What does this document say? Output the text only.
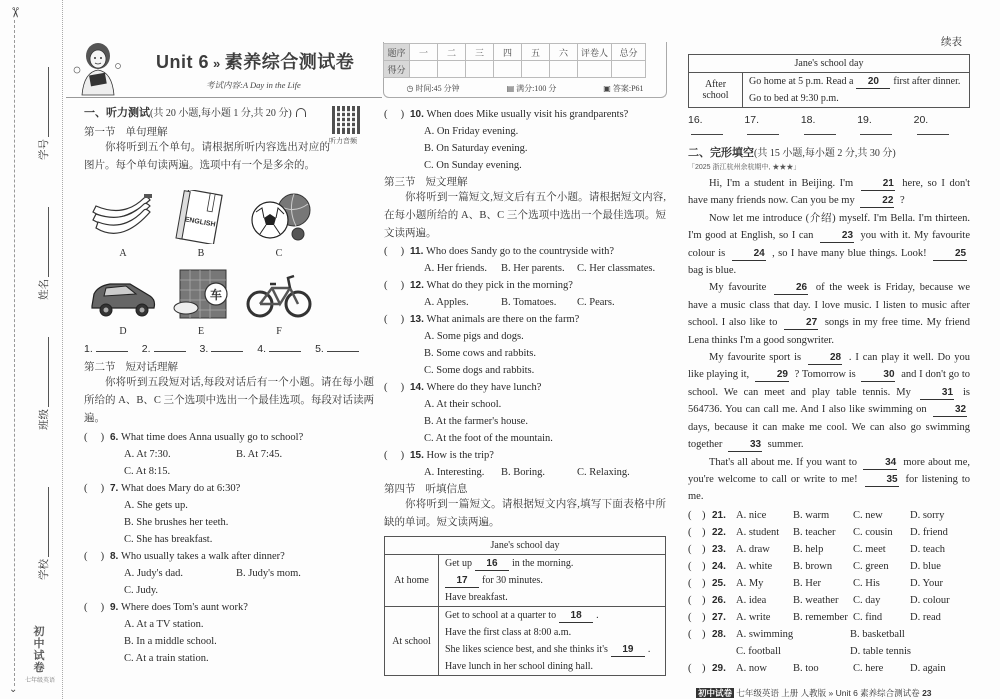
✂
⌄
学号
姓名
班级
学校
初中试卷
七年级英语
Unit 6 » 素养综合测试卷
考试内容:A Day in the Life
题序	一	二	三	四	五	六	评卷人	总分
得分								
◷ 时间:45 分钟	▤ 满分:100 分	▣ 答案:P61
一、听力测试(共 20 小题,每小题 1 分,共 20 分)
听力音频
第一节 单句理解
你将听到五个单句。请根据所听内容选出对应的图片。每个单句读两遍。选项中有一个是多余的。
A
ENGLISH
B	C
D
车
E	F
1.	2.	3.	4.	5.
第二节 短对话理解
你将听到五段短对话,每段对话后有一个小题。请在每小题所给的 A、B、C 三个选项中选出一个最佳选项。每段对话读两遍。
(     ) 6.
What time does Anna usually go to school?
A. At 7:30.	B. At 7:45.
C. At 8:15.
(     ) 7.
What does Mary do at 6:30?
A. She gets up.
B. She brushes her teeth.
C. She has breakfast.
(     ) 8.
Who usually takes a walk after dinner?
A. Judy's dad.	B. Judy's mom.
C. Judy.
(     ) 9.
Where does Tom's aunt work?
A. At a TV station.
B. In a middle school.
C. At a train station.
(     ) 10.
When does Mike usually visit his grandparents?
A. On Friday evening.
B. On Saturday evening.
C. On Sunday evening.
第三节 短文理解
你将听到一篇短文,短文后有五个小题。请根据短文内容,在每小题所给的 A、B、C 三个选项中选出一个最佳选项。短文读两遍。
(     ) 11.
Who does Sandy go to the countryside with?
A. Her friends.	B. Her parents.	C. Her classmates.
(     ) 12.
What do they pick in the morning?
A. Apples.	B. Tomatoes.	C. Pears.
(     ) 13.
What animals are there on the farm?
A. Some pigs and dogs.
B. Some cows and rabbits.
C. Some dogs and rabbits.
(     ) 14.
Where do they have lunch?
A. At their school.
B. At the farmer's house.
C. At the foot of the mountain.
(     ) 15.
How is the trip?
A. Interesting.	B. Boring.	C. Relaxing.
第四节 听填信息
你将听到一篇短文。请根据短文内容,填写下面表格中所缺的单词。短文读两遍。
Jane's school day	
At home	Get up 16 in the morning.
17 for 30 minutes.
Have breakfast.

At school	Get to school at a quarter to 18 .
Have the first class at 8:00 a.m.
She likes science best, and she thinks it's 19 .
Have lunch in her school dining hall.
续表
Jane's school day
After school	
Go home at 5 p.m. Read a 20 first after dinner.
Go to bed at 9:30 p.m.
16.	17.	18.	19.	20.
二、完形填空(共 15 小题,每小题 2 分,共 30 分)
「2025 浙江杭州余杭期中, ★★★」

Hi, I'm a student in Beijing. I'm	21 here, so I don't have many friends now. Can you be my	22 ?

Now let me introduce (介绍) myself. I'm Bella. I'm thirteen. I'm good at English, so I can	23 you with it. My favourite colour is	24 , so I have many blue things. Look!	25 bag is blue.

My favourite	26 of the week is Friday, because we have a music class that day. I love music. I listen to music after school. I also like to	27 songs in my free time. My friend Lena thinks I'm a good songwriter.

My favourite sport is	28 . I can play it well. Do you like playing it,	29 ? Tomorrow is	30 and I don't go to school. We can meet and play table tennis. My	31 is 564736. You can call me. And I also like swimming on	32 days, because it can make me cool. We can also go swimming together	33 summer.

That's all about me. If you want to	34 more about me, you're welcome to call or write to me!	35 for listening to me.

(    ) 21. A. nice	B. warm	C. new	D. sorry
(    ) 22. A. student	B. teacher	C. cousin	D. friend
(    ) 23. A. draw	B. help	C. meet	D. teach
(    ) 24. A. white	B. brown	C. green	D. blue
(    ) 25. A. My	B. Her	C. His	D. Your
(    ) 26. A. idea	B. weather	C. day	D. colour
(    ) 27. A. write	B. remember C. find	D. read
(    ) 28. A. swimming	B. basketball
C. football	D. table tennis
(    ) 29. A. now	B. too	C. here	D. again
初中试卷 七年级英语 上册 人教版 » Unit 6 素养综合测试卷 23
